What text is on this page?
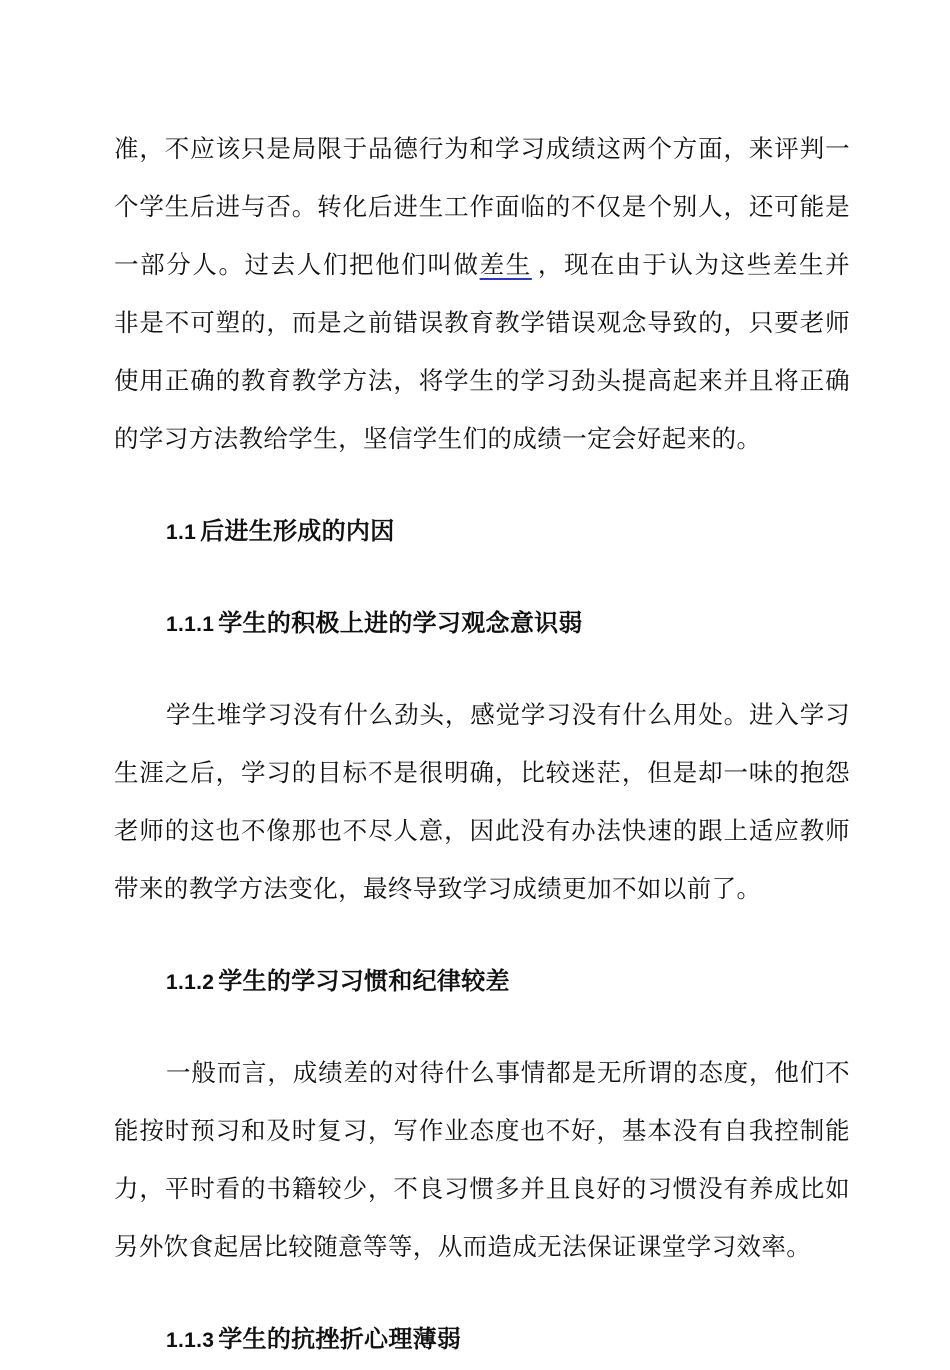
准，不应该只是局限于品德行为和学习成绩这两个方面，来评判一
个学生后进与否。转化后进生工作面临的不仅是个别人，还可能是
一部分人。过去人们把他们叫做差生 ，现在由于认为这些差生并
非是不可塑的，而是之前错误教育教学错误观念导致的，只要老师
使用正确的教育教学方法，将学生的学习劲头提高起来并且将正确
的学习方法教给学生，坚信学生们的成绩一定会好起来的。
1.1 后进生形成的内因
1.1.1 学生的积极上进的学习观念意识弱
学生堆学习没有什么劲头，感觉学习没有什么用处。进入学习
生涯之后，学习的目标不是很明确，比较迷茫，但是却一味的抱怨
老师的这也不像那也不尽人意，因此没有办法快速的跟上适应教师
带来的教学方法变化，最终导致学习成绩更加不如以前了。
1.1.2 学生的学习习惯和纪律较差
一般而言，成绩差的对待什么事情都是无所谓的态度，他们不
能按时预习和及时复习，写作业态度也不好，基本没有自我控制能
力，平时看的书籍较少，不良习惯多并且良好的习惯没有养成比如
另外饮食起居比较随意等等，从而造成无法保证课堂学习效率。
1.1.3 学生的抗挫折心理薄弱
